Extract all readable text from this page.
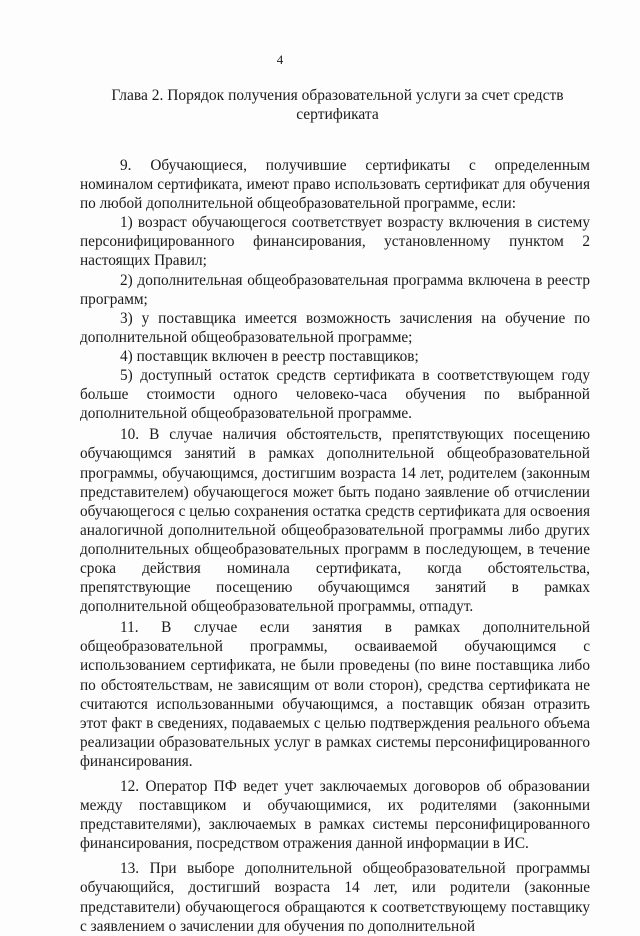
4
Глава 2. Порядок получения образовательной услуги за счет средств сертификата

9. Обучающиеся, получившие сертификаты с определенным номиналом сертификата, имеют право использовать сертификат для обучения по любой дополнительной общеобразовательной программе, если:

1) возраст обучающегося соответствует возрасту включения в систему персонифицированного финансирования, установленному пунктом 2 настоящих Правил;

2) дополнительная общеобразовательная программа включена в реестр программ;

3) у поставщика имеется возможность зачисления на обучение по дополнительной общеобразовательной программе;

4) поставщик включен в реестр поставщиков;

5) доступный остаток средств сертификата в соответствующем году больше стоимости одного человеко-часа обучения по выбранной дополнительной общеобразовательной программе.

10. В случае наличия обстоятельств, препятствующих посещению обучающимся занятий в рамках дополнительной общеобразовательной программы, обучающимся, достигшим возраста 14 лет, родителем (законным представителем) обучающегося может быть подано заявление об отчислении обучающегося с целью сохранения остатка средств сертификата для освоения аналогичной дополнительной общеобразовательной программы либо других дополнительных общеобразовательных программ в последующем, в течение срока действия номинала сертификата, когда обстоятельства, препятствующие посещению обучающимся занятий в рамках дополнительной общеобразовательной программы, отпадут.

11. В случае если занятия в рамках дополнительной общеобразовательной программы, осваиваемой обучающимся с использованием сертификата, не были проведены (по вине поставщика либо по обстоятельствам, не зависящим от воли сторон), средства сертификата не считаются использованными обучающимся, а поставщик обязан отразить этот факт в сведениях, подаваемых с целью подтверждения реального объема реализации образовательных услуг в рамках системы персонифицированного финансирования.

12. Оператор ПФ ведет учет заключаемых договоров об образовании между поставщиком и обучающимися, их родителями (законными представителями), заключаемых в рамках системы персонифицированного финансирования, посредством отражения данной информации в ИС.

13. При выборе дополнительной общеобразовательной программы обучающийся, достигший возраста 14 лет, или родители (законные представители) обучающегося обращаются к соответствующему поставщику с заявлением о зачислении для обучения по дополнительной
